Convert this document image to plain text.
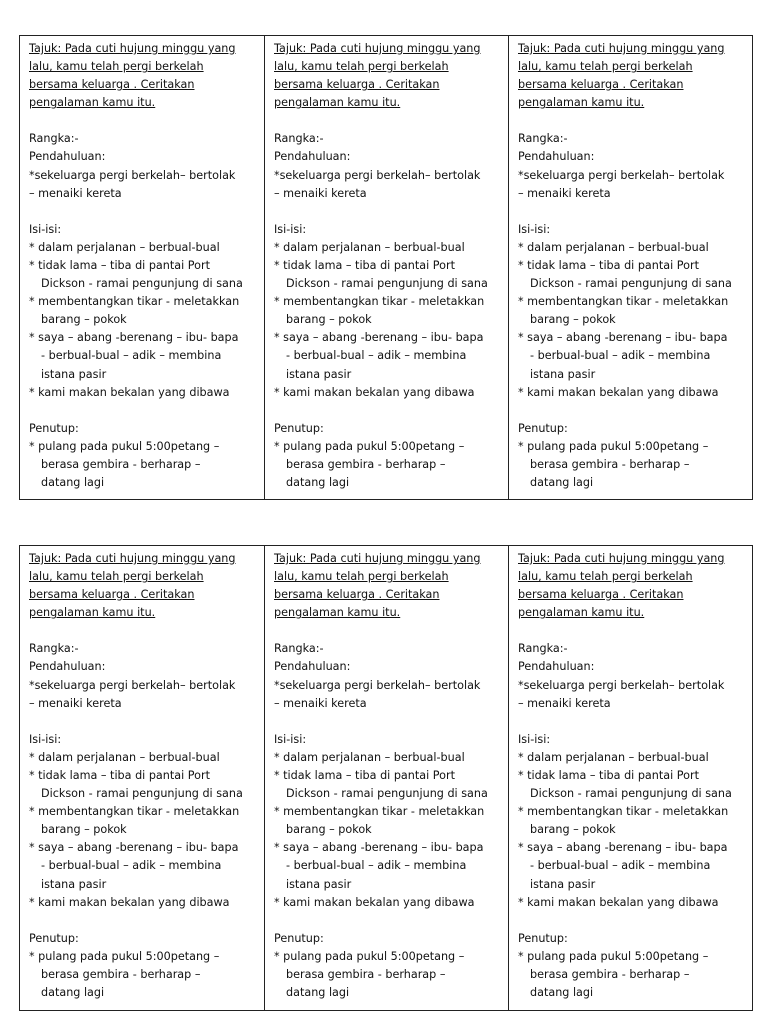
Tajuk: Pada cuti hujung minggu yang
lalu, kamu telah pergi berkelah
bersama keluarga . Ceritakan
pengalaman kamu itu.
Rangka:-
Pendahuluan:
*sekeluarga pergi berkelah– bertolak
– menaiki kereta
Isi-isi:
* dalam perjalanan – berbual-bual
* tidak lama – tiba di pantai Port
Dickson - ramai pengunjung di sana
* membentangkan tikar - meletakkan
barang – pokok
* saya – abang -berenang – ibu- bapa
- berbual-bual – adik – membina
istana pasir
* kami makan bekalan yang dibawa
Penutup:
* pulang pada pukul 5:00petang –
berasa gembira - berharap –
datang lagi
Tajuk: Pada cuti hujung minggu yang
lalu, kamu telah pergi berkelah
bersama keluarga . Ceritakan
pengalaman kamu itu.
Rangka:-
Pendahuluan:
*sekeluarga pergi berkelah– bertolak
– menaiki kereta
Isi-isi:
* dalam perjalanan – berbual-bual
* tidak lama – tiba di pantai Port
Dickson - ramai pengunjung di sana
* membentangkan tikar - meletakkan
barang – pokok
* saya – abang -berenang – ibu- bapa
- berbual-bual – adik – membina
istana pasir
* kami makan bekalan yang dibawa
Penutup:
* pulang pada pukul 5:00petang –
berasa gembira - berharap –
datang lagi
Tajuk: Pada cuti hujung minggu yang
lalu, kamu telah pergi berkelah
bersama keluarga . Ceritakan
pengalaman kamu itu.
Rangka:-
Pendahuluan:
*sekeluarga pergi berkelah– bertolak
– menaiki kereta
Isi-isi:
* dalam perjalanan – berbual-bual
* tidak lama – tiba di pantai Port
Dickson - ramai pengunjung di sana
* membentangkan tikar - meletakkan
barang – pokok
* saya – abang -berenang – ibu- bapa
- berbual-bual – adik – membina
istana pasir
* kami makan bekalan yang dibawa
Penutup:
* pulang pada pukul 5:00petang –
berasa gembira - berharap –
datang lagi
Tajuk: Pada cuti hujung minggu yang
lalu, kamu telah pergi berkelah
bersama keluarga . Ceritakan
pengalaman kamu itu.
Rangka:-
Pendahuluan:
*sekeluarga pergi berkelah– bertolak
– menaiki kereta
Isi-isi:
* dalam perjalanan – berbual-bual
* tidak lama – tiba di pantai Port
Dickson - ramai pengunjung di sana
* membentangkan tikar - meletakkan
barang – pokok
* saya – abang -berenang – ibu- bapa
- berbual-bual – adik – membina
istana pasir
* kami makan bekalan yang dibawa
Penutup:
* pulang pada pukul 5:00petang –
berasa gembira - berharap –
datang lagi
Tajuk: Pada cuti hujung minggu yang
lalu, kamu telah pergi berkelah
bersama keluarga . Ceritakan
pengalaman kamu itu.
Rangka:-
Pendahuluan:
*sekeluarga pergi berkelah– bertolak
– menaiki kereta
Isi-isi:
* dalam perjalanan – berbual-bual
* tidak lama – tiba di pantai Port
Dickson - ramai pengunjung di sana
* membentangkan tikar - meletakkan
barang – pokok
* saya – abang -berenang – ibu- bapa
- berbual-bual – adik – membina
istana pasir
* kami makan bekalan yang dibawa
Penutup:
* pulang pada pukul 5:00petang –
berasa gembira - berharap –
datang lagi
Tajuk: Pada cuti hujung minggu yang
lalu, kamu telah pergi berkelah
bersama keluarga . Ceritakan
pengalaman kamu itu.
Rangka:-
Pendahuluan:
*sekeluarga pergi berkelah– bertolak
– menaiki kereta
Isi-isi:
* dalam perjalanan – berbual-bual
* tidak lama – tiba di pantai Port
Dickson - ramai pengunjung di sana
* membentangkan tikar - meletakkan
barang – pokok
* saya – abang -berenang – ibu- bapa
- berbual-bual – adik – membina
istana pasir
* kami makan bekalan yang dibawa
Penutup:
* pulang pada pukul 5:00petang –
berasa gembira - berharap –
datang lagi
